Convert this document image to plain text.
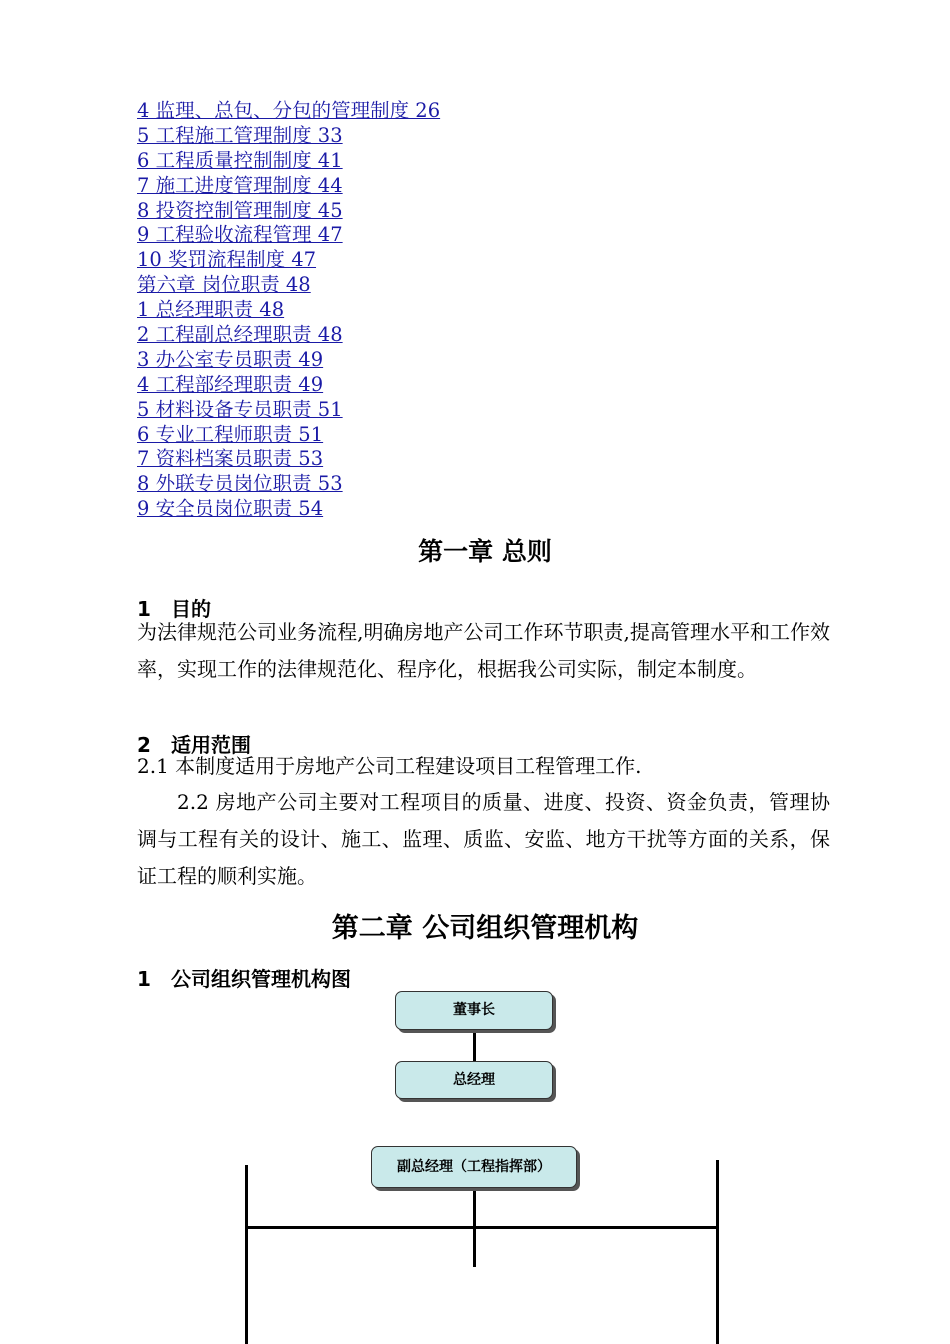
4 监理、总包、分包的管理制度 26
5 工程施工管理制度 33
6 工程质量控制制度 41
7 施工进度管理制度 44
8 投资控制管理制度 45
9 工程验收流程管理 47
10 奖罚流程制度 47
第六章 岗位职责 48
1 总经理职责 48
2 工程副总经理职责 48
3 办公室专员职责 49
4 工程部经理职责 49
5 材料设备专员职责 51
6 专业工程师职责 51
7 资料档案员职责 53
8 外联专员岗位职责 53
9 安全员岗位职责 54
第一章 总则
1 目的

为法律规范公司业务流程,明确房地产公司工作环节职责,提高管理水平和工作效率，实现工作的法律规范化、程序化，根据我公司实际，制定本制度。

2 适用范围

2.1 本制度适用于房地产公司工程建设项目工程管理工作.

2.2 房地产公司主要对工程项目的质量、进度、投资、资金负责，管理协调与工程有关的设计、施工、监理、质监、安监、地方干扰等方面的关系，保证工程的顺利实施。

第二章 公司组织管理机构
1 公司组织管理机构图
董事长
总经理
副总经理（工程指挥部）
